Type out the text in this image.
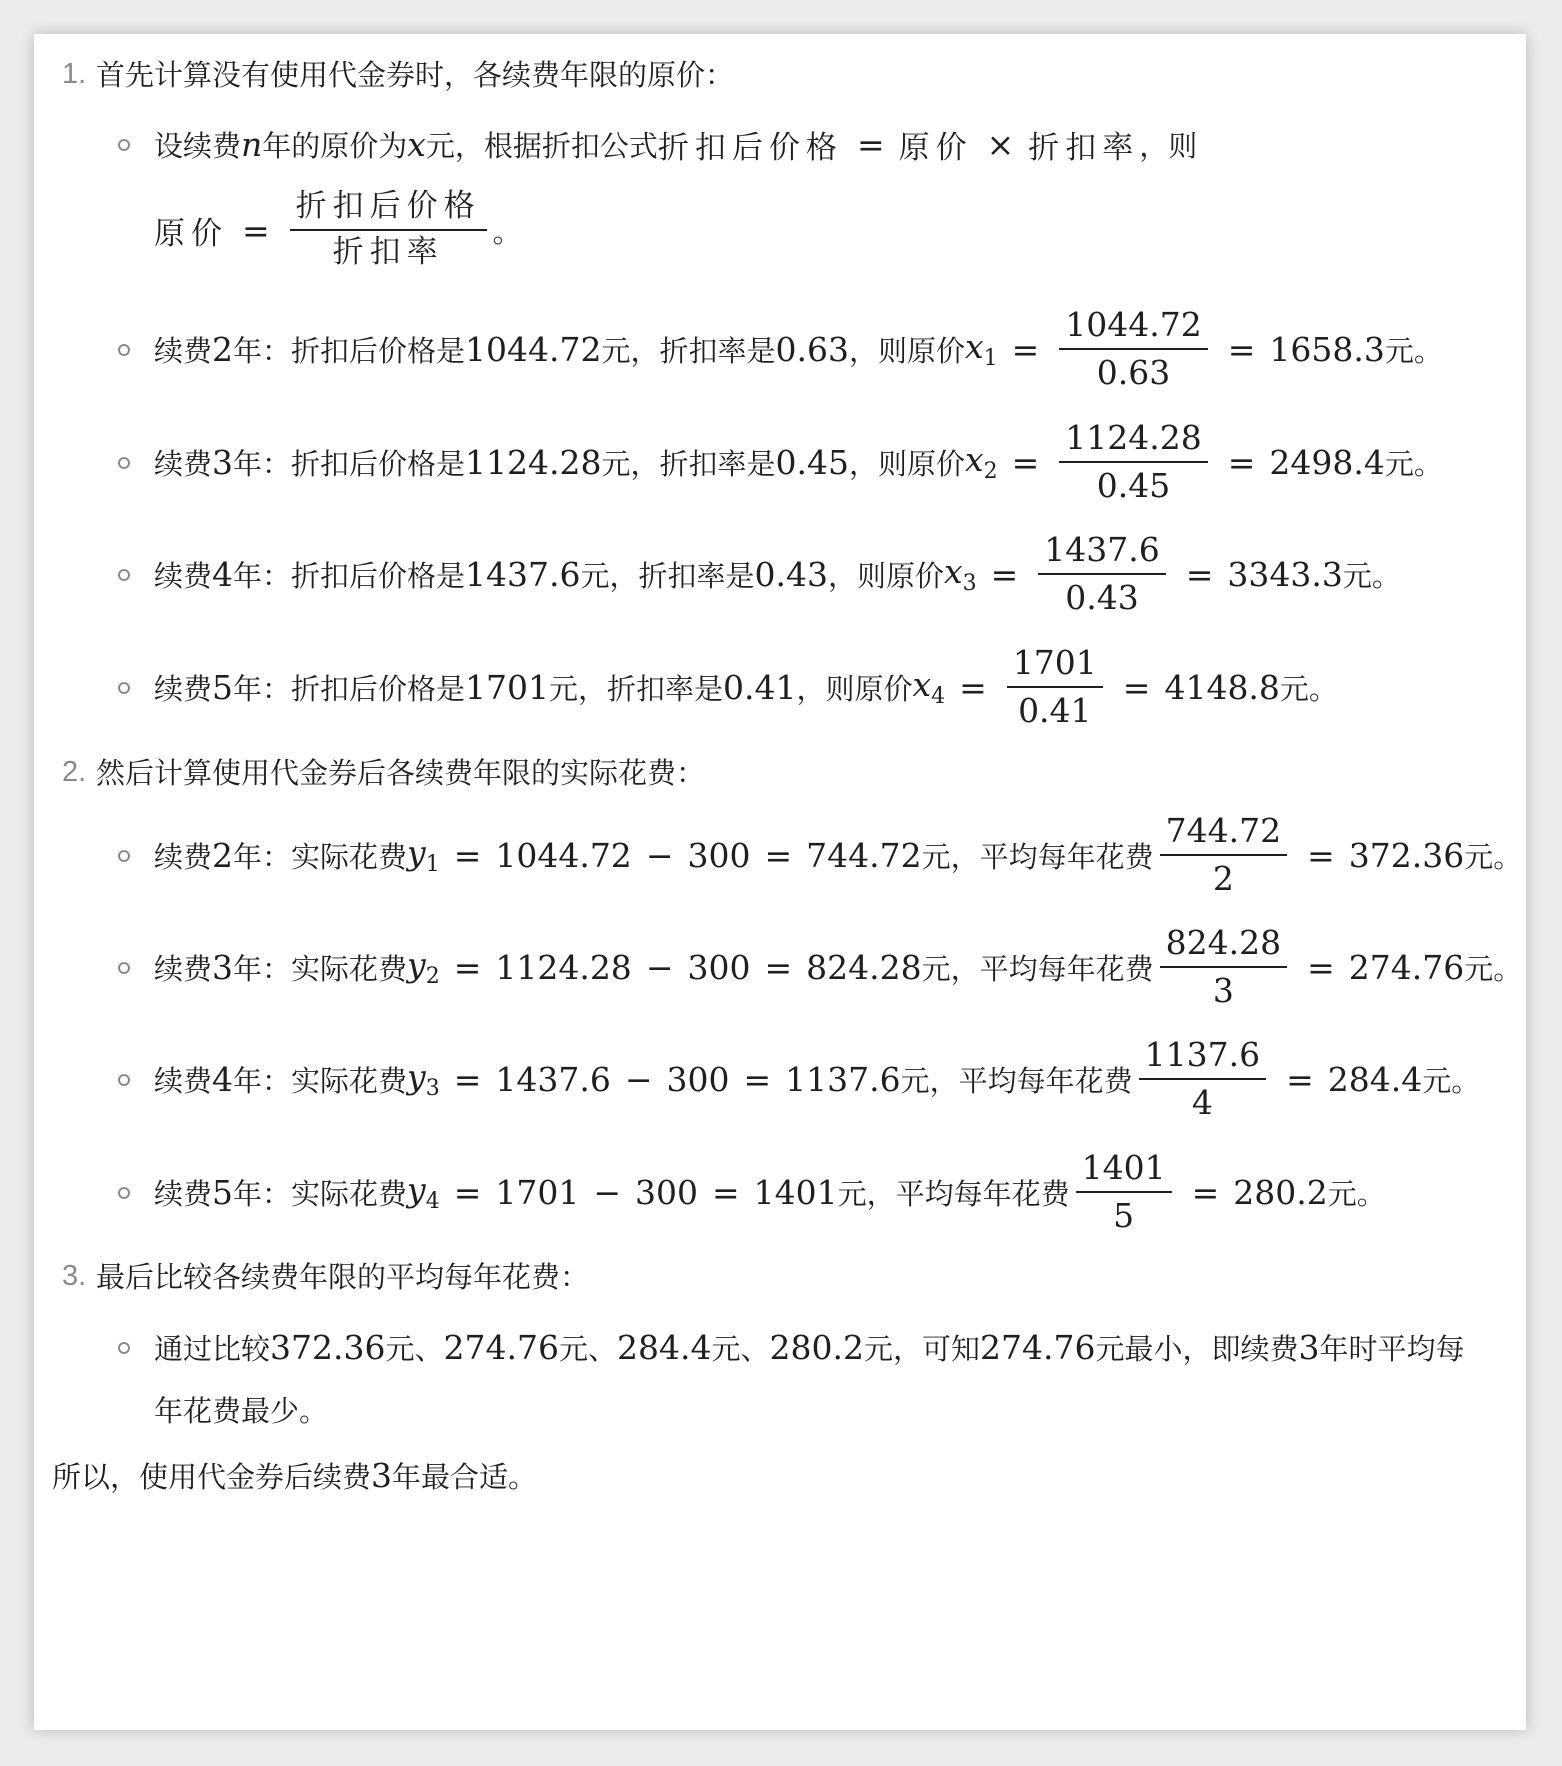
1. 首先计算没有使用代金券时，各续费年限的原价：
设续费 n 年的原价为 x 元，根据折扣公式 折扣后价格 = 原价 × 折扣率 ，则
原价 = $\frac{\text{折扣后价格}}{\text{折扣率}}$ 。
续费 2 年：折扣后价格是 1044.72 元，折扣率是 0.63 ，则原价 $x_1 = \frac{1044.72}{0.63} = 1658.3$ 元。
续费 3 年：折扣后价格是 1124.28 元，折扣率是 0.45 ，则原价 $x_2 = \frac{1124.28}{0.45} = 2498.4$ 元。
续费 4 年：折扣后价格是 1437.6 元，折扣率是 0.43 ，则原价 $x_3 = \frac{1437.6}{0.43} = 3343.3$ 元。
续费 5 年：折扣后价格是 1701 元，折扣率是 0.41 ，则原价 $x_4 = \frac{1701}{0.41} = 4148.8$ 元。
2. 然后计算使用代金券后各续费年限的实际花费：
续费 2 年：实际花费 $y_1 = 1044.72 - 300 = 744.72$ 元，平均每年花费 $\frac{744.72}{2} = 372.36$ 元。
续费 3 年：实际花费 $y_2 = 1124.28 - 300 = 824.28$ 元，平均每年花费 $\frac{824.28}{3} = 274.76$ 元。
续费 4 年：实际花费 $y_3 = 1437.6 - 300 = 1137.6$ 元，平均每年花费 $\frac{1137.6}{4} = 284.4$ 元。
续费 5 年：实际花费 $y_4 = 1701 - 300 = 1401$ 元，平均每年花费 $\frac{1401}{5} = 280.2$ 元。
3. 最后比较各续费年限的平均每年花费：
通过比较 372.36 元、 274.76 元、 284.4 元、 280.2 元，可知 274.76 元最小，即续费 3 年时平均每
年花费最少。
所以，使用代金券后续费 3 年最合适。
